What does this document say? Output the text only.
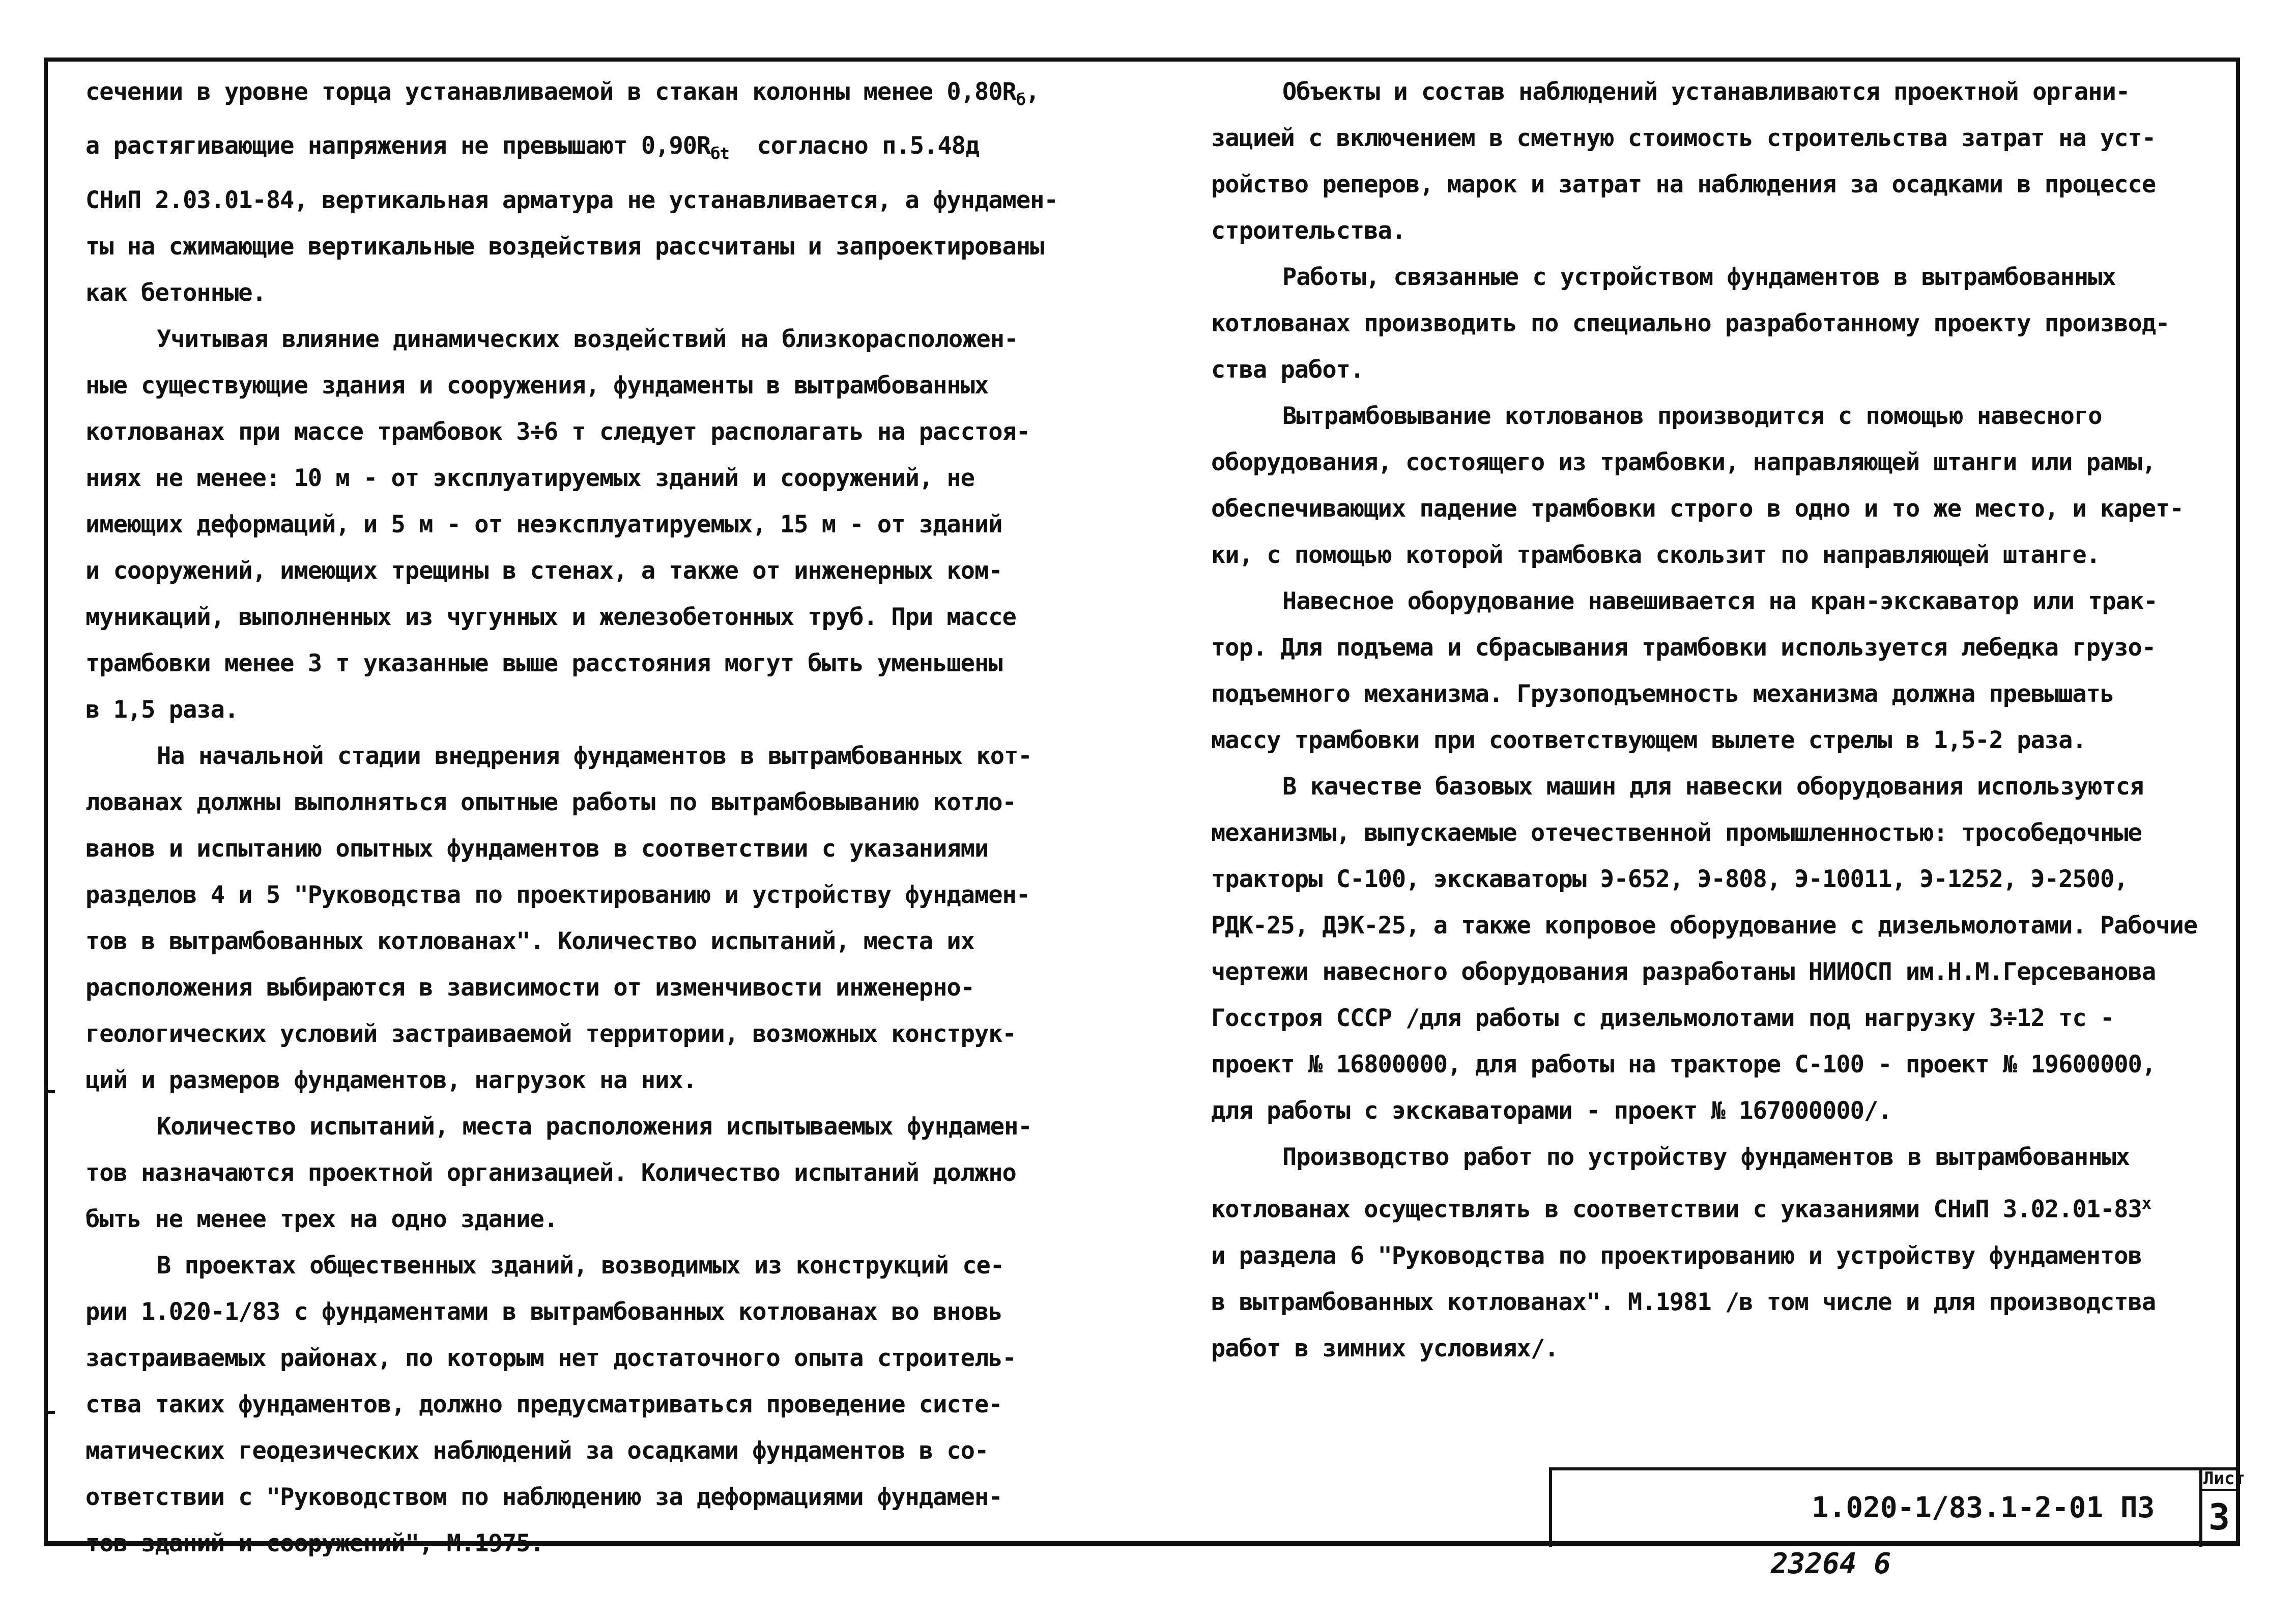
сечении в уровне торца устанавливаемой в стакан колонны менее $0,80R_б$,
а растягивающие напряжения не превышают $0,90R_{бt}$  согласно п.5.48д
СНиП 2.03.01-84, вертикальная арматура не устанавливается, а фундамен-
ты на сжимающие вертикальные воздействия рассчитаны и запроектированы
как бетонные.
Учитывая влияние динамических воздействий на близкорасположен-
ные существующие здания и сооружения, фундаменты в вытрамбованных
котлованах при массе трамбовок 3÷6 т следует располагать на расстоя-
ниях не менее: 10 м - от эксплуатируемых зданий и сооружений, не
имеющих деформаций, и 5 м - от неэксплуатируемых, 15 м - от зданий
и сооружений, имеющих трещины в стенах, а также от инженерных ком-
муникаций, выполненных из чугунных и железобетонных труб. При массе
трамбовки менее 3 т указанные выше расстояния могут быть уменьшены
в 1,5 раза.
На начальной стадии внедрения фундаментов в вытрамбованных кот-
лованах должны выполняться опытные работы по вытрамбовыванию котло-
ванов и испытанию опытных фундаментов в соответствии с указаниями
разделов 4 и 5 "Руководства по проектированию и устройству фундамен-
тов в вытрамбованных котлованах". Количество испытаний, места их
расположения выбираются в зависимости от изменчивости инженерно-
геологических условий застраиваемой территории, возможных конструк-
ций и размеров фундаментов, нагрузок на них.
Количество испытаний, места расположения испытываемых фундамен-
тов назначаются проектной организацией. Количество испытаний должно
быть не менее трех на одно здание.
В проектах общественных зданий, возводимых из конструкций се-
рии 1.020-1/83 с фундаментами в вытрамбованных котлованах во вновь
застраиваемых районах, по которым нет достаточного опыта строитель-
ства таких фундаментов, должно предусматриваться проведение систе-
матических геодезических наблюдений за осадками фундаментов в со-
ответствии с "Руководством по наблюдению за деформациями фундамен-
тов зданий и сооружений", М.1975.
Объекты и состав наблюдений устанавливаются проектной органи-
зацией с включением в сметную стоимость строительства затрат на уст-
ройство реперов, марок и затрат на наблюдения за осадками в процессе
строительства.
Работы, связанные с устройством фундаментов в вытрамбованных
котлованах производить по специально разработанному проекту производ-
ства работ.
Вытрамбовывание котлованов производится с помощью навесного
оборудования, состоящего из трамбовки, направляющей штанги или рамы,
обеспечивающих падение трамбовки строго в одно и то же место, и карет-
ки, с помощью которой трамбовка скользит по направляющей штанге.
Навесное оборудование навешивается на кран-экскаватор или трак-
тор. Для подъема и сбрасывания трамбовки используется лебедка грузо-
подъемного механизма. Грузоподъемность механизма должна превышать
массу трамбовки при соответствующем вылете стрелы в 1,5-2 раза.
В качестве базовых машин для навески оборудования используются
механизмы, выпускаемые отечественной промышленностью: трособедочные
тракторы С-100, экскаваторы Э-652, Э-808, Э-10011, Э-1252, Э-2500,
РДК-25, ДЭК-25, а также копровое оборудование с дизельмолотами. Рабочие
чертежи навесного оборудования разработаны НИИОСП им.Н.М.Герсеванова
Госстроя СССР /для работы с дизельмолотами под нагрузку 3÷12 тс -
проект № 16800000, для работы на тракторе С-100 - проект № 19600000,
для работы с экскаваторами - проект № 167000000/.
Производство работ по устройству фундаментов в вытрамбованных
котлованах осуществлять в соответствии с указаниями СНиП $3.02.01-83^х$
и раздела 6 "Руководства по проектированию и устройству фундаментов
в вытрамбованных котлованах". М.1981 /в том числе и для производства
работ в зимних условиях/.
1.020-1/83.1-2-01 ПЗ
Лист
3
23264 6
